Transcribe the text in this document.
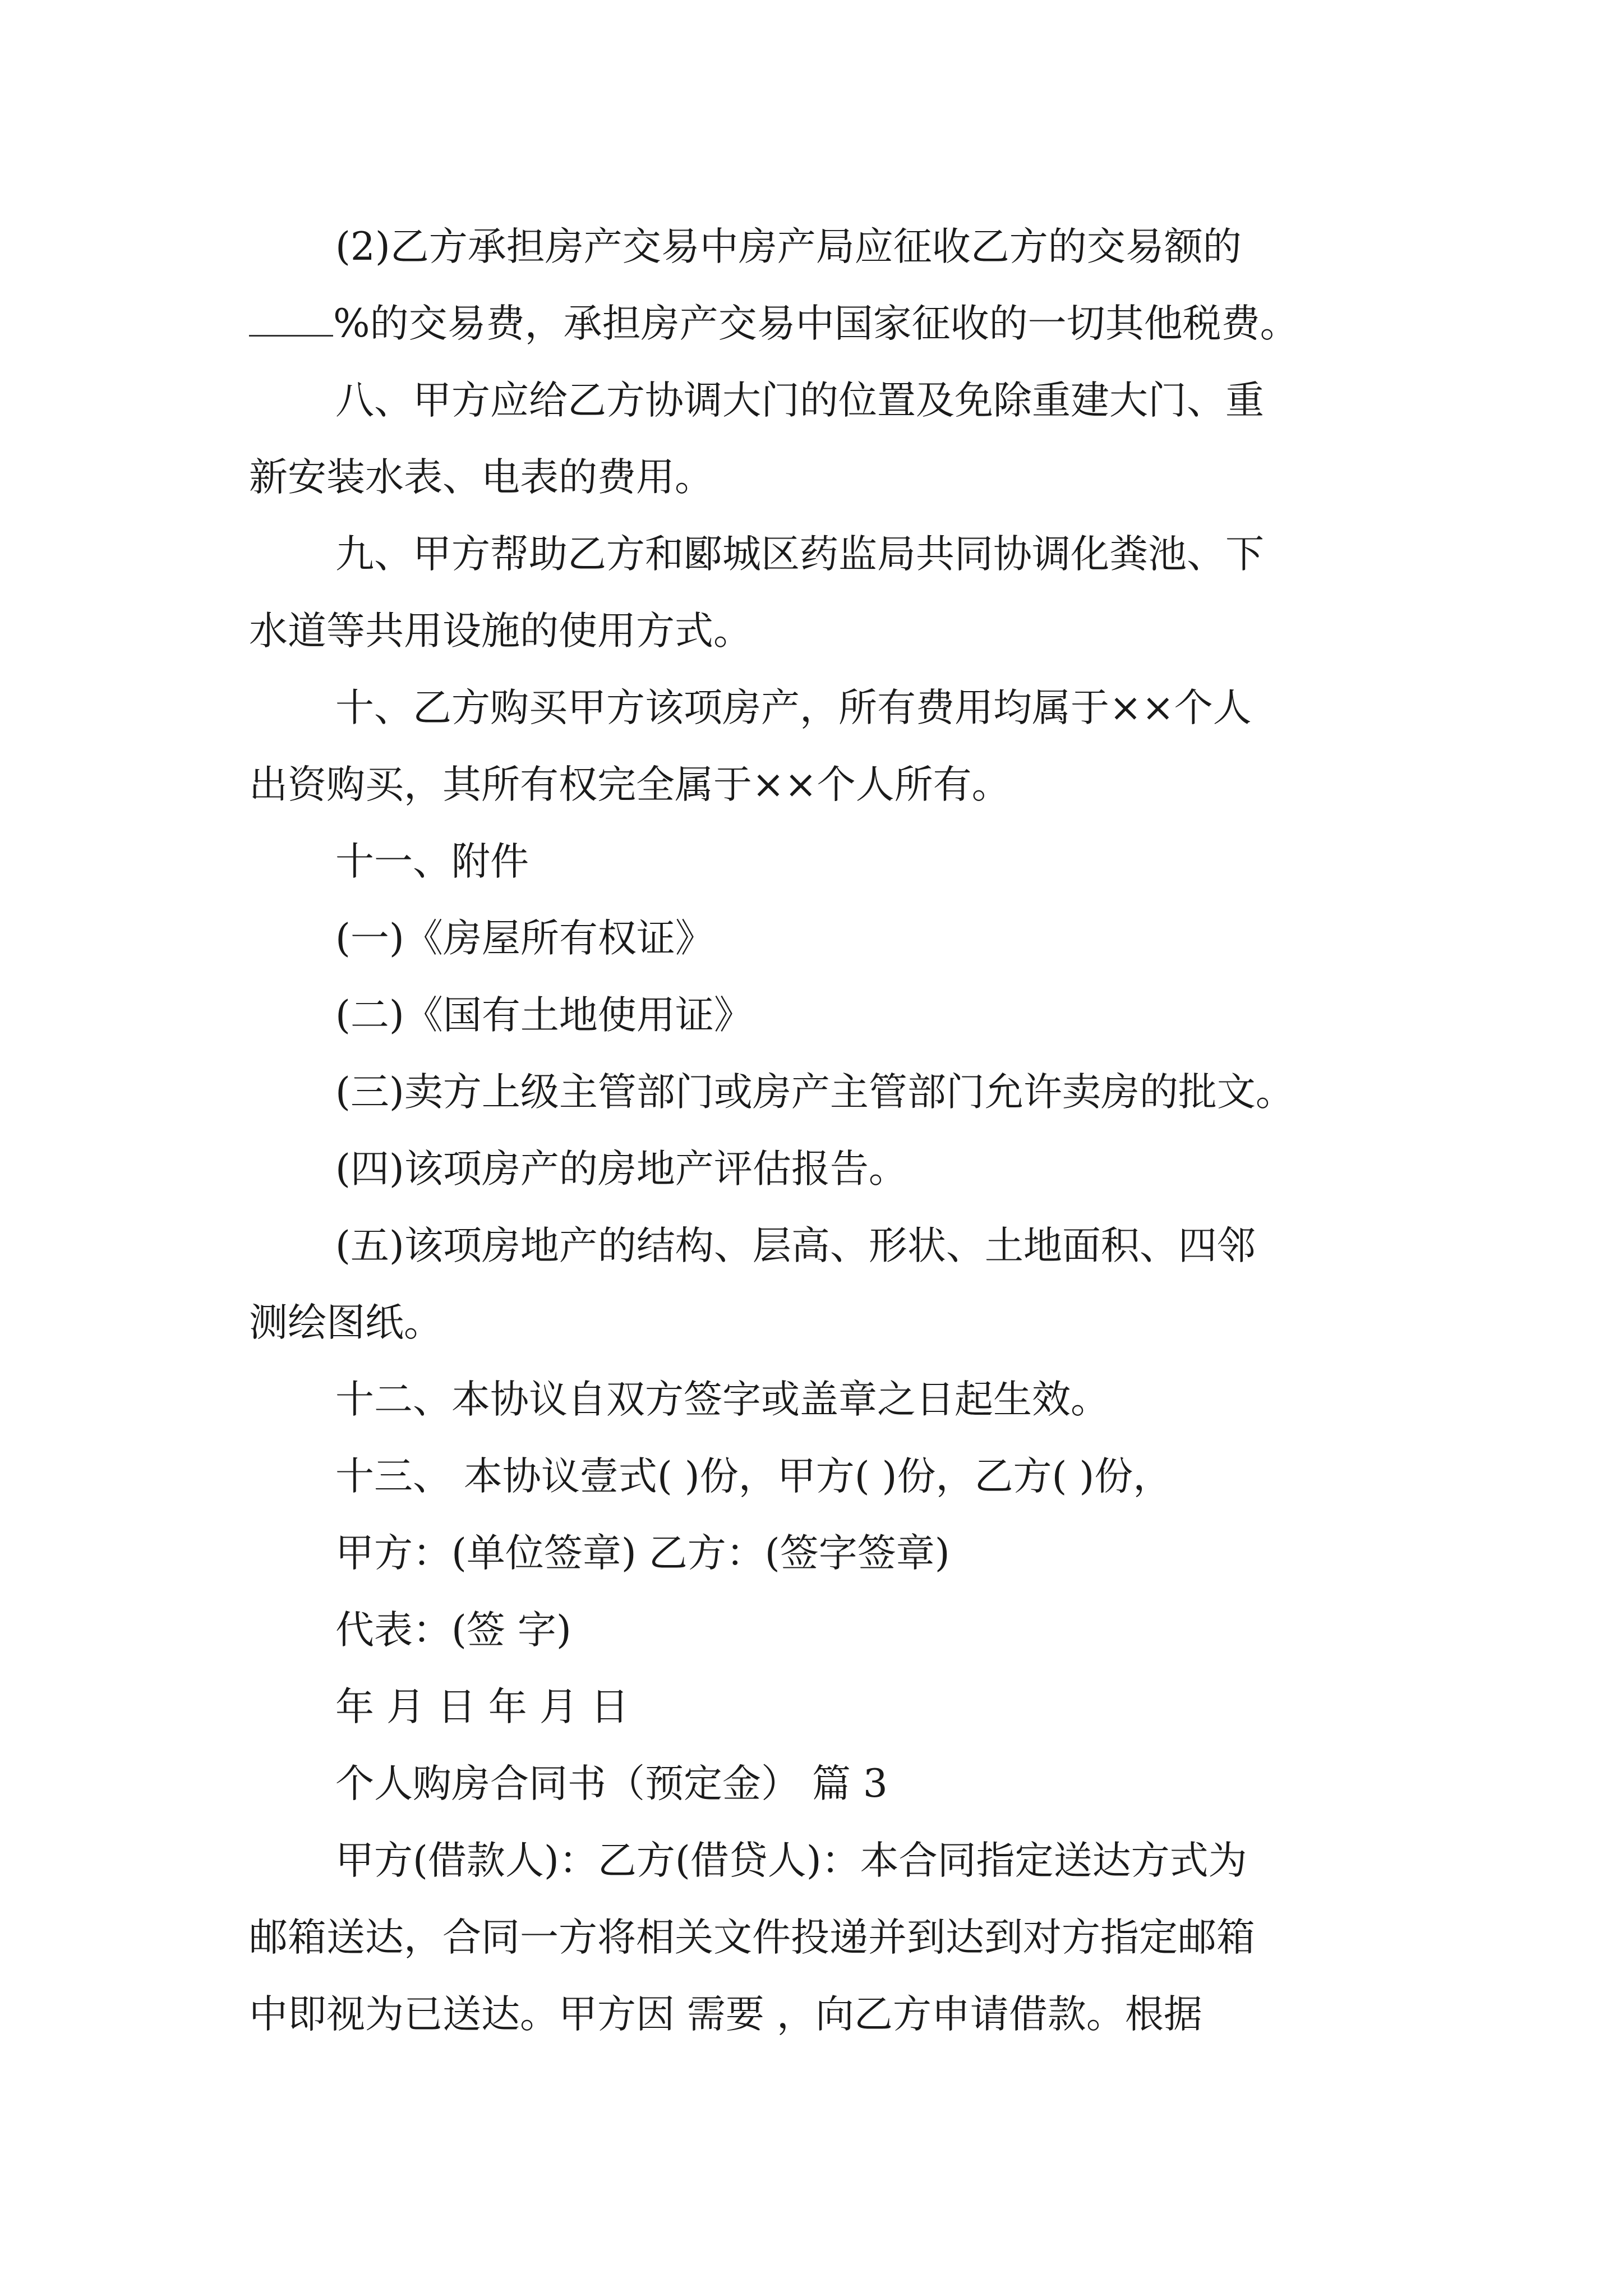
(2)乙方承担房产交易中房产局应征收乙方的交易额的
%的交易费，承担房产交易中国家征收的一切其他税费。
八、甲方应给乙方协调大门的位置及免除重建大门、重
新安装水表、电表的费用。
九、甲方帮助乙方和郾城区药监局共同协调化粪池、下
水道等共用设施的使用方式。
十、乙方购买甲方该项房产，所有费用均属于××个人
出资购买，其所有权完全属于××个人所有。
十一、附件
(一)《房屋所有权证》
(二)《国有土地使用证》
(三)卖方上级主管部门或房产主管部门允许卖房的批文。
(四)该项房产的房地产评估报告。
(五)该项房地产的结构、层高、形状、土地面积、四邻
测绘图纸。
十二、本协议自双方签字或盖章之日起生效。
十三、 本协议壹式( )份，甲方( )份，乙方( )份，
甲方：(单位签章) 乙方：(签字签章)
代表：(签 字)
年 月 日 年 月 日
个人购房合同书（预定金） 篇 3
甲方(借款人)：乙方(借贷人)：本合同指定送达方式为
邮箱送达，合同一方将相关文件投递并到达到对方指定邮箱
中即视为已送达。甲方因 需要 ，向乙方申请借款。根据
